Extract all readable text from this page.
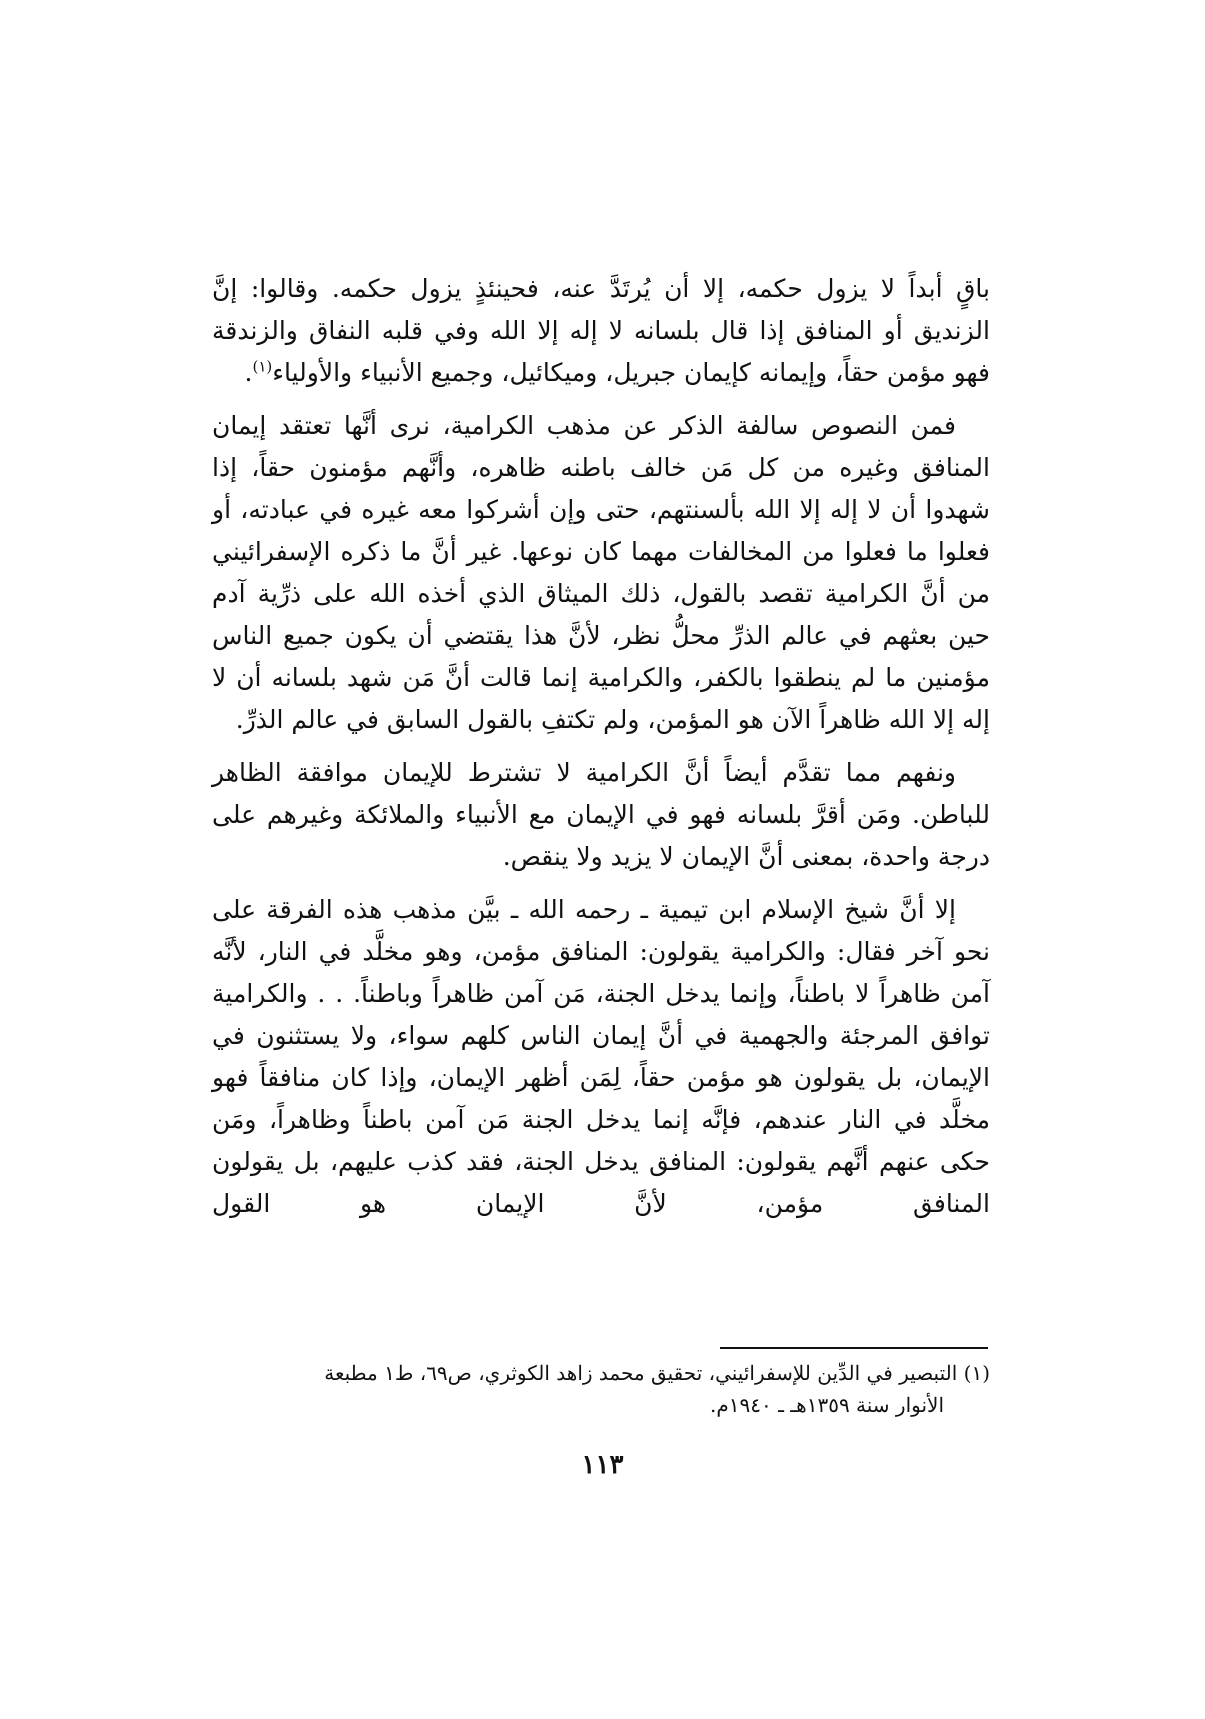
باقٍ أبداً لا يزول حكمه، إلا أن يُرتَدَّ عنه، فحينئذٍ يزول حكمه. وقالوا: إنَّ الزنديق أو المنافق إذا قال بلسانه لا إله إلا الله وفي قلبه النفاق والزندقة فهو مؤمن حقاً، وإيمانه كإيمان جبريل، وميكائيل، وجميع الأنبياء والأولياء$^{(١)}$.

فمن النصوص سالفة الذكر عن مذهب الكرامية، نرى أنَّها تعتقد إيمان المنافق وغيره من كل مَن خالف باطنه ظاهره، وأنَّهم مؤمنون حقاً، إذا شهدوا أن لا إله إلا الله بألسنتهم، حتى وإن أشركوا معه غيره في عبادته، أو فعلوا ما فعلوا من المخالفات مهما كان نوعها. غير أنَّ ما ذكره الإسفرائيني من أنَّ الكرامية تقصد بالقول، ذلك الميثاق الذي أخذه الله على ذرِّية آدم حين بعثهم في عالم الذرِّ محلُّ نظر، لأنَّ هذا يقتضي أن يكون جميع الناس مؤمنين ما لم ينطقوا بالكفر، والكرامية إنما قالت أنَّ مَن شهد بلسانه أن لا إله إلا الله ظاهراً الآن هو المؤمن، ولم تكتفِ بالقول السابق في عالم الذرِّ.

ونفهم مما تقدَّم أيضاً أنَّ الكرامية لا تشترط للإيمان موافقة الظاهر للباطن. ومَن أقرَّ بلسانه فهو في الإيمان مع الأنبياء والملائكة وغيرهم على درجة واحدة، بمعنى أنَّ الإيمان لا يزيد ولا ينقص.

إلا أنَّ شيخ الإسلام ابن تيمية ـ رحمه الله ـ بيَّن مذهب هذه الفرقة على نحو آخر فقال: والكرامية يقولون: المنافق مؤمن، وهو مخلَّد في النار، لأنَّه آمن ظاهراً لا باطناً، وإنما يدخل الجنة، مَن آمن ظاهراً وباطناً. . . والكرامية توافق المرجئة والجهمية في أنَّ إيمان الناس كلهم سواء، ولا يستثنون في الإيمان، بل يقولون هو مؤمن حقاً، لِمَن أظهر الإيمان، وإذا كان منافقاً فهو مخلَّد في النار عندهم، فإنَّه إنما يدخل الجنة مَن آمن باطناً وظاهراً، ومَن حكى عنهم أنَّهم يقولون: المنافق يدخل الجنة، فقد كذب عليهم، بل يقولون المنافق مؤمن، لأنَّ الإيمان هو القول

(١) التبصير في الدِّين للإسفرائيني، تحقيق محمد زاهد الكوثري، ص٦٩، ط١ مطبعة
الأنوار سنة ١٣٥٩هـ ـ ١٩٤٠م.
١١٣
